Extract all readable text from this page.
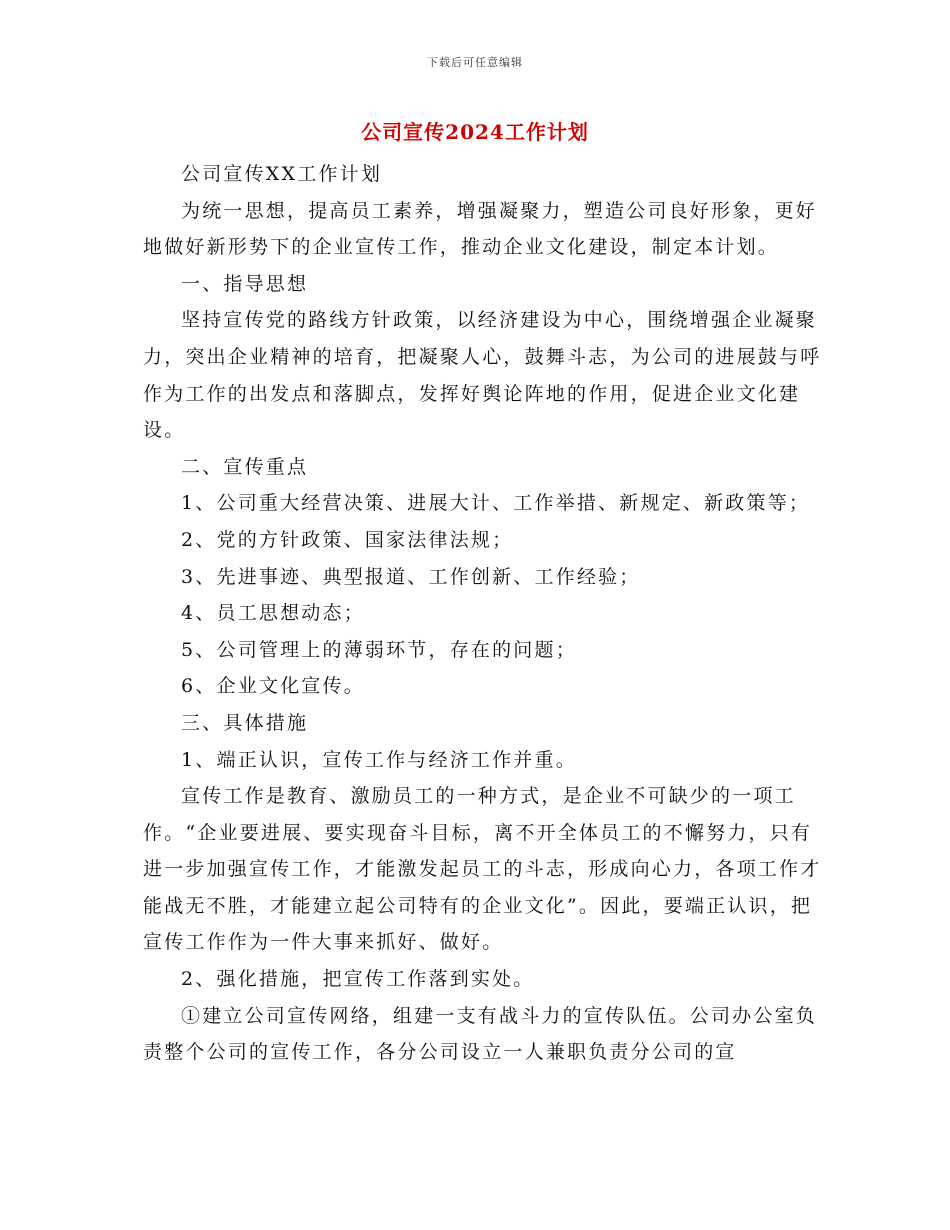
下载后可任意编辑
公司宣传2024工作计划

公司宣传XX工作计划

为统一思想，提高员工素养，增强凝聚力，塑造公司良好形象，更好地做好新形势下的企业宣传工作，推动企业文化建设，制定本计划。

一、指导思想

坚持宣传党的路线方针政策，以经济建设为中心，围绕增强企业凝聚力，突出企业精神的培育，把凝聚人心，鼓舞斗志，为公司的进展鼓与呼作为工作的出发点和落脚点，发挥好舆论阵地的作用，促进企业文化建设。

二、宣传重点

1、公司重大经营决策、进展大计、工作举措、新规定、新政策等；

2、党的方针政策、国家法律法规；

3、先进事迹、典型报道、工作创新、工作经验；

4、员工思想动态；

5、公司管理上的薄弱环节，存在的问题；

6、企业文化宣传。

三、具体措施

1、端正认识，宣传工作与经济工作并重。

宣传工作是教育、激励员工的一种方式，是企业不可缺少的一项工作。“企业要进展、要实现奋斗目标，离不开全体员工的不懈努力，只有进一步加强宣传工作，才能激发起员工的斗志，形成向心力，各项工作才能战无不胜，才能建立起公司特有的企业文化”。因此，要端正认识，把宣传工作作为一件大事来抓好、做好。

2、强化措施，把宣传工作落到实处。

①建立公司宣传网络，组建一支有战斗力的宣传队伍。公司办公室负责整个公司的宣传工作，各分公司设立一人兼职负责分公司的宣
